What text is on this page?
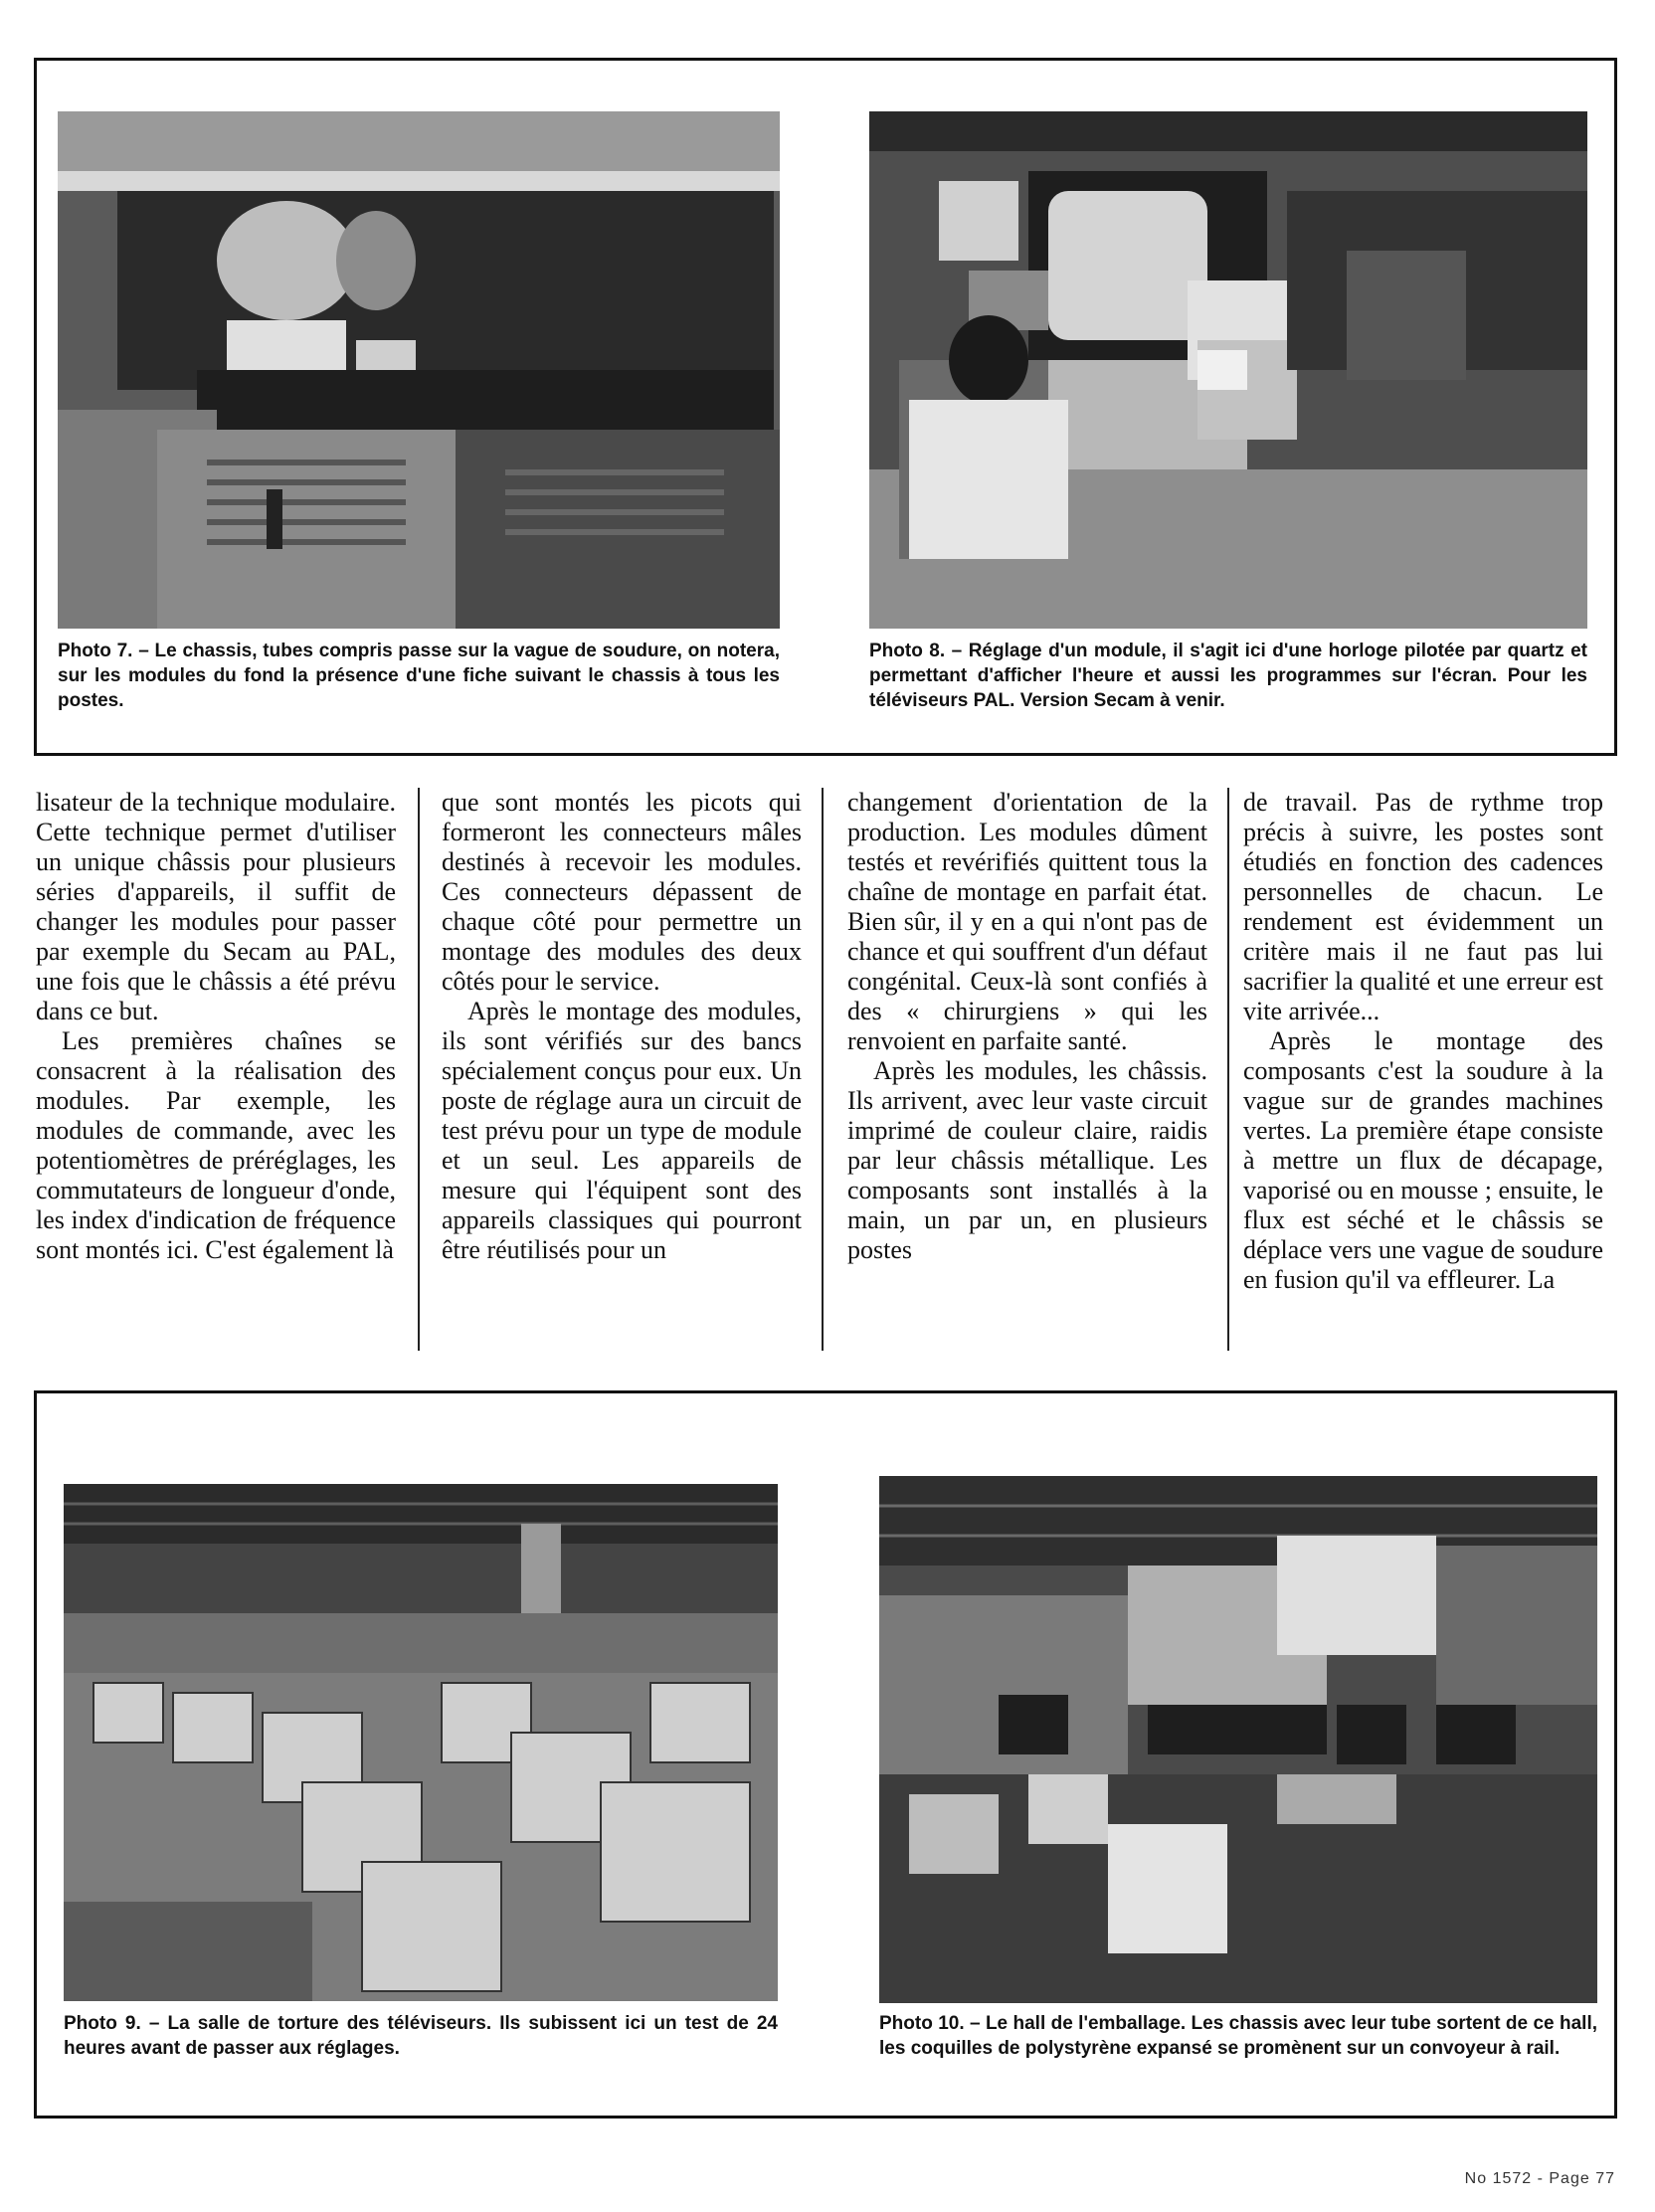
Photo 7. – Le chassis, tubes compris passe sur la vague de soudure, on notera, sur les modules du fond la présence d'une fiche suivant le chassis à tous les postes.
Photo 8. – Réglage d'un module, il s'agit ici d'une horloge pilotée par quartz et permettant d'afficher l'heure et aussi les programmes sur l'écran. Pour les téléviseurs PAL. Version Secam à venir.

lisateur de la technique modulaire. Cette technique permet d'utiliser un unique châssis pour plusieurs séries d'appareils, il suffit de changer les modules pour passer par exemple du Secam au PAL, une fois que le châssis a été prévu dans ce but.

Les premières chaînes se consacrent à la réalisation des modules. Par exemple, les modules de commande, avec les potentiomètres de préréglages, les commutateurs de longueur d'onde, les index d'indication de fréquence sont montés ici. C'est également là

que sont montés les picots qui formeront les connecteurs mâles destinés à recevoir les modules. Ces connecteurs dépassent de chaque côté pour permettre un montage des modules des deux côtés pour le service.

Après le montage des modules, ils sont vérifiés sur des bancs spécialement conçus pour eux. Un poste de réglage aura un circuit de test prévu pour un type de module et un seul. Les appareils de mesure qui l'équipent sont des appareils classiques qui pourront être réutilisés pour un

changement d'orientation de la production. Les modules dûment testés et revérifiés quittent tous la chaîne de montage en parfait état. Bien sûr, il y en a qui n'ont pas de chance et qui souffrent d'un défaut congénital. Ceux-là sont confiés à des « chirurgiens » qui les renvoient en parfaite santé.

Après les modules, les châssis. Ils arrivent, avec leur vaste circuit imprimé de couleur claire, raidis par leur châssis métallique. Les composants sont installés à la main, un par un, en plusieurs postes

de travail. Pas de rythme trop précis à suivre, les postes sont étudiés en fonction des cadences personnelles de chacun. Le rendement est évidemment un critère mais il ne faut pas lui sacrifier la qualité et une erreur est vite arrivée...

Après le montage des composants c'est la soudure à la vague sur de grandes machines vertes. La première étape consiste à mettre un flux de décapage, vaporisé ou en mousse ; ensuite, le flux est séché et le châssis se déplace vers une vague de soudure en fusion qu'il va effleurer. La

Photo 9. – La salle de torture des téléviseurs. Ils subissent ici un test de 24 heures avant de passer aux réglages.
Photo 10. – Le hall de l'emballage. Les chassis avec leur tube sortent de ce hall, les coquilles de polystyrène expansé se promènent sur un convoyeur à rail.
No 1572 - Page 77
